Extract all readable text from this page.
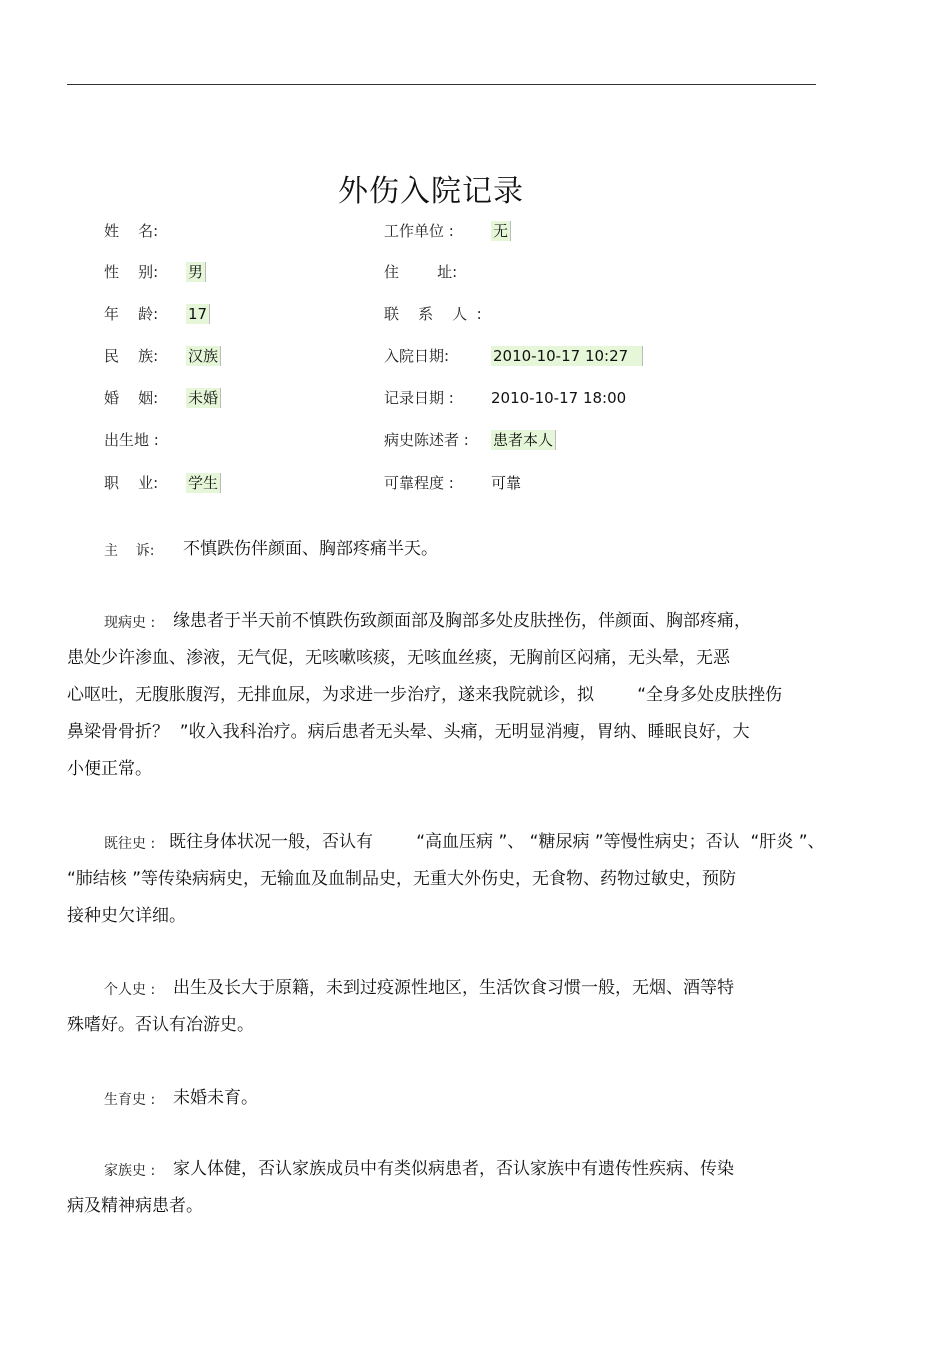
外伤入院记录
姓    名:
性    别: 男
年    龄: 17
民    族: 汉族
婚    姻: 未婚
出生地 :
职    业: 学生
工作单位 :	无
住        址:
联    系    人  :
入院日期:	2010-10-17 10:27
记录日期 : 2010-10-17 18:00
病史陈述者 : 患者本人
可靠程度 : 可靠
主    诉: 不慎跌伤伴颜面、胸部疼痛半天。
现病史 : 缘患者于半天前不慎跌伤致颜面部及胸部多处皮肤挫伤，伴颜面、胸部疼痛，
患处少许渗血、渗液，无气促，无咳嗽咳痰，无咳血丝痰，无胸前区闷痛，无头晕，无恶
心呕吐，无腹胀腹泻，无排血尿，为求进一步治疗，遂来我院就诊，拟        “全身多处皮肤挫伤
鼻梁骨骨折？  ”收入我科治疗。病后患者无头晕、头痛，无明显消瘦，胃纳、睡眠良好，大
小便正常。
既往史 : 既往身体状况一般，否认有        “高血压病 ”、 “糖尿病 ”等慢性病史；否认  “肝炎 ”、
“肺结核 ”等传染病病史，无输血及血制品史，无重大外伤史，无食物、药物过敏史，预防
接种史欠详细。
个人史 : 出生及长大于原籍，未到过疫源性地区，生活饮食习惯一般，无烟、酒等特
殊嗜好。否认有冶游史。
生育史 : 未婚未育。
家族史 : 家人体健，否认家族成员中有类似病患者，否认家族中有遗传性疾病、传染
病及精神病患者。
